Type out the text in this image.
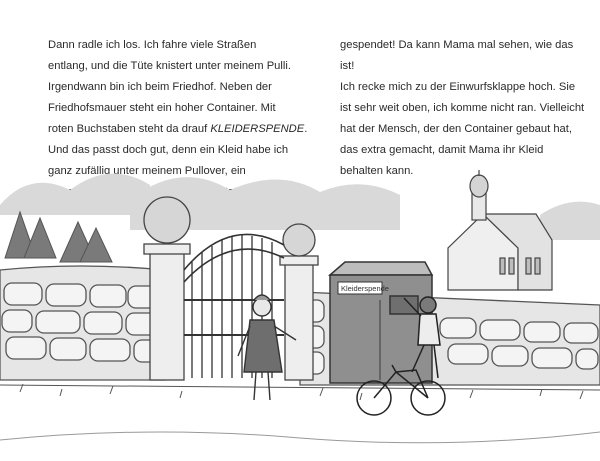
Dann radle ich los. Ich fahre viele Straßen
entlang, und die Tüte knistert unter meinem Pulli.
Irgendwann bin ich beim Friedhof. Neben der
Friedhofsmauer steht ein hoher Container. Mit
roten Buchstaben steht da drauf KLEIDERSPENDE.
Und das passt doch gut, denn ein Kleid habe ich
ganz zufällig unter meinem Pullover, ein
gespendet! Da kann Mama mal sehen, wie das
ist!
Ich recke mich zu der Einwurfsklappe hoch. Sie
ist sehr weit oben, ich komme nicht ran. Vielleicht
hat der Mensch, der den Container gebaut hat,
das extra gemacht, damit Mama ihr Kleid
behalten kann.
Kleiderspende
